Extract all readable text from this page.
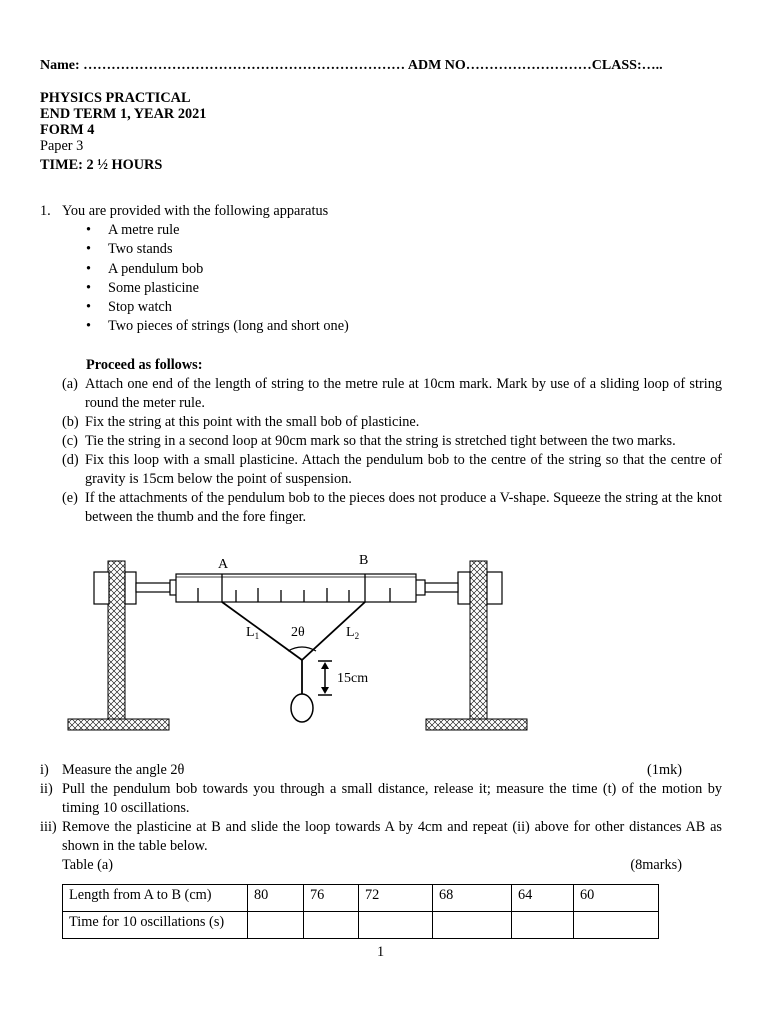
Name: …………………………………………………………… ADM NO………………………CLASS:…..
PHYSICS PRACTICAL
END TERM 1, YEAR 2021
FORM 4
Paper 3
TIME: 2 ½ HOURS
1. You are provided with the following apparatus
• A metre rule
• Two stands
• A pendulum bob
• Some plasticine
• Stop watch
• Two pieces of strings (long and short one)
Proceed as follows:
(a) Attach one end of the length of string to the metre rule at 10cm mark. Mark by use of a sliding loop of string round the meter rule.
(b) Fix the string at this point with the small bob of plasticine.
(c) Tie the string in a second loop at 90cm mark so that the string is stretched tight between the two marks.
(d) Fix this loop with a small plasticine. Attach the pendulum bob to the centre of the string so that the centre of gravity is 15cm below the point of suspension.
(e) If the attachments of the pendulum bob to the pieces does not produce a V-shape. Squeeze the string at the knot between the thumb and the fore finger.
A	B
$L_1$	$L_2$
2θ
15cm
i) Measure the angle 2θ	(1mk)
ii) Pull the pendulum bob towards you through a small distance, release it; measure the time (t) of the motion by timing 10 oscillations.
iii) Remove the plasticine at B and slide the loop towards A by 4cm and repeat (ii) above for other distances AB as shown in the table below.
Table (a)	(8marks)
Length from A to B (cm)	80	76	72	68	64	60
Time for 10 oscillations (s)						
1
